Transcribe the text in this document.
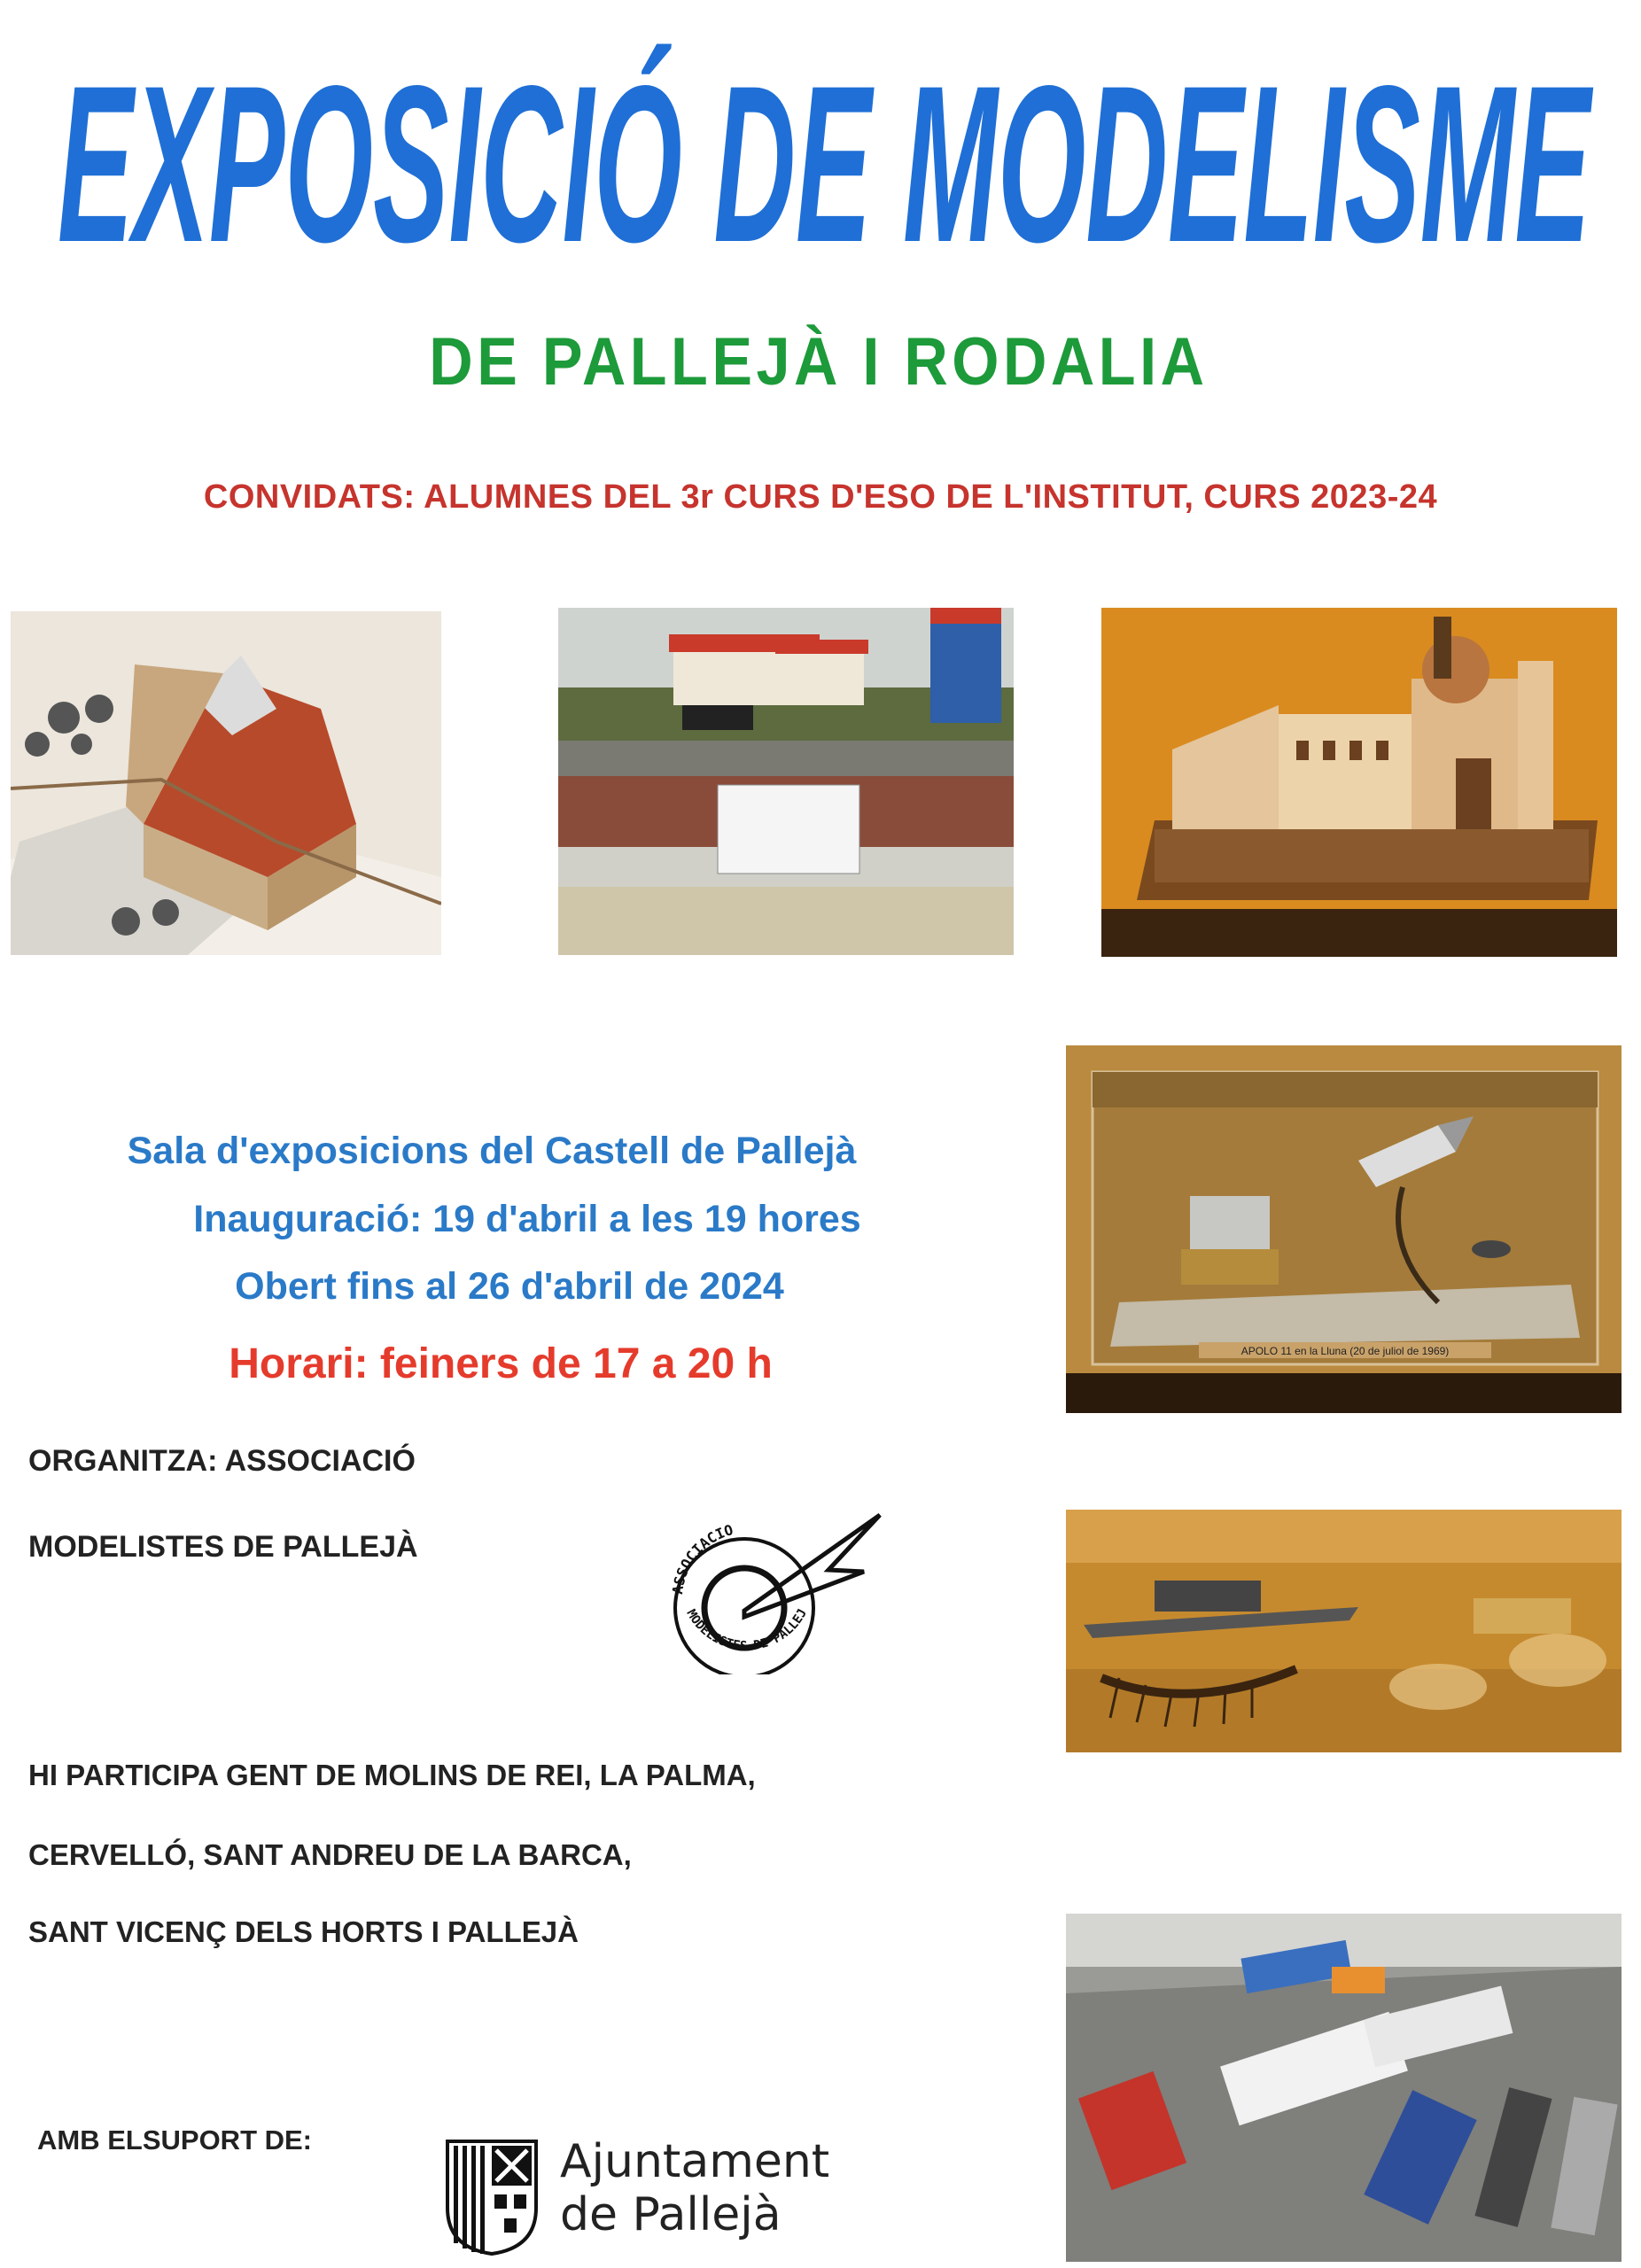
EXPOSICIÓ DE MODELISME
DE PALLEJÀ I RODALIA
CONVIDATS: ALUMNES DEL 3r CURS D'ESO DE L'INSTITUT, CURS 2023-24
Sala d'exposicions del Castell de Pallejà
Inauguració: 19 d'abril a les 19 hores
Obert fins al 26 d'abril de 2024
Horari: feiners de 17 a 20 h	APOLO 11 en la Lluna (20 de juliol de 1969)
ORGANITZA: ASSOCIACIÓ
MODELISTES DE PALLEJÀ
ASSOCIACIO
MODELISTES DE PALLEJ
HI PARTICIPA GENT DE MOLINS DE REI, LA PALMA,
CERVELLÓ, SANT ANDREU DE LA BARCA,
SANT VICENÇ DELS HORTS I PALLEJÀ
AMB ELSUPORT DE:	Ajuntament
de Pallejà
